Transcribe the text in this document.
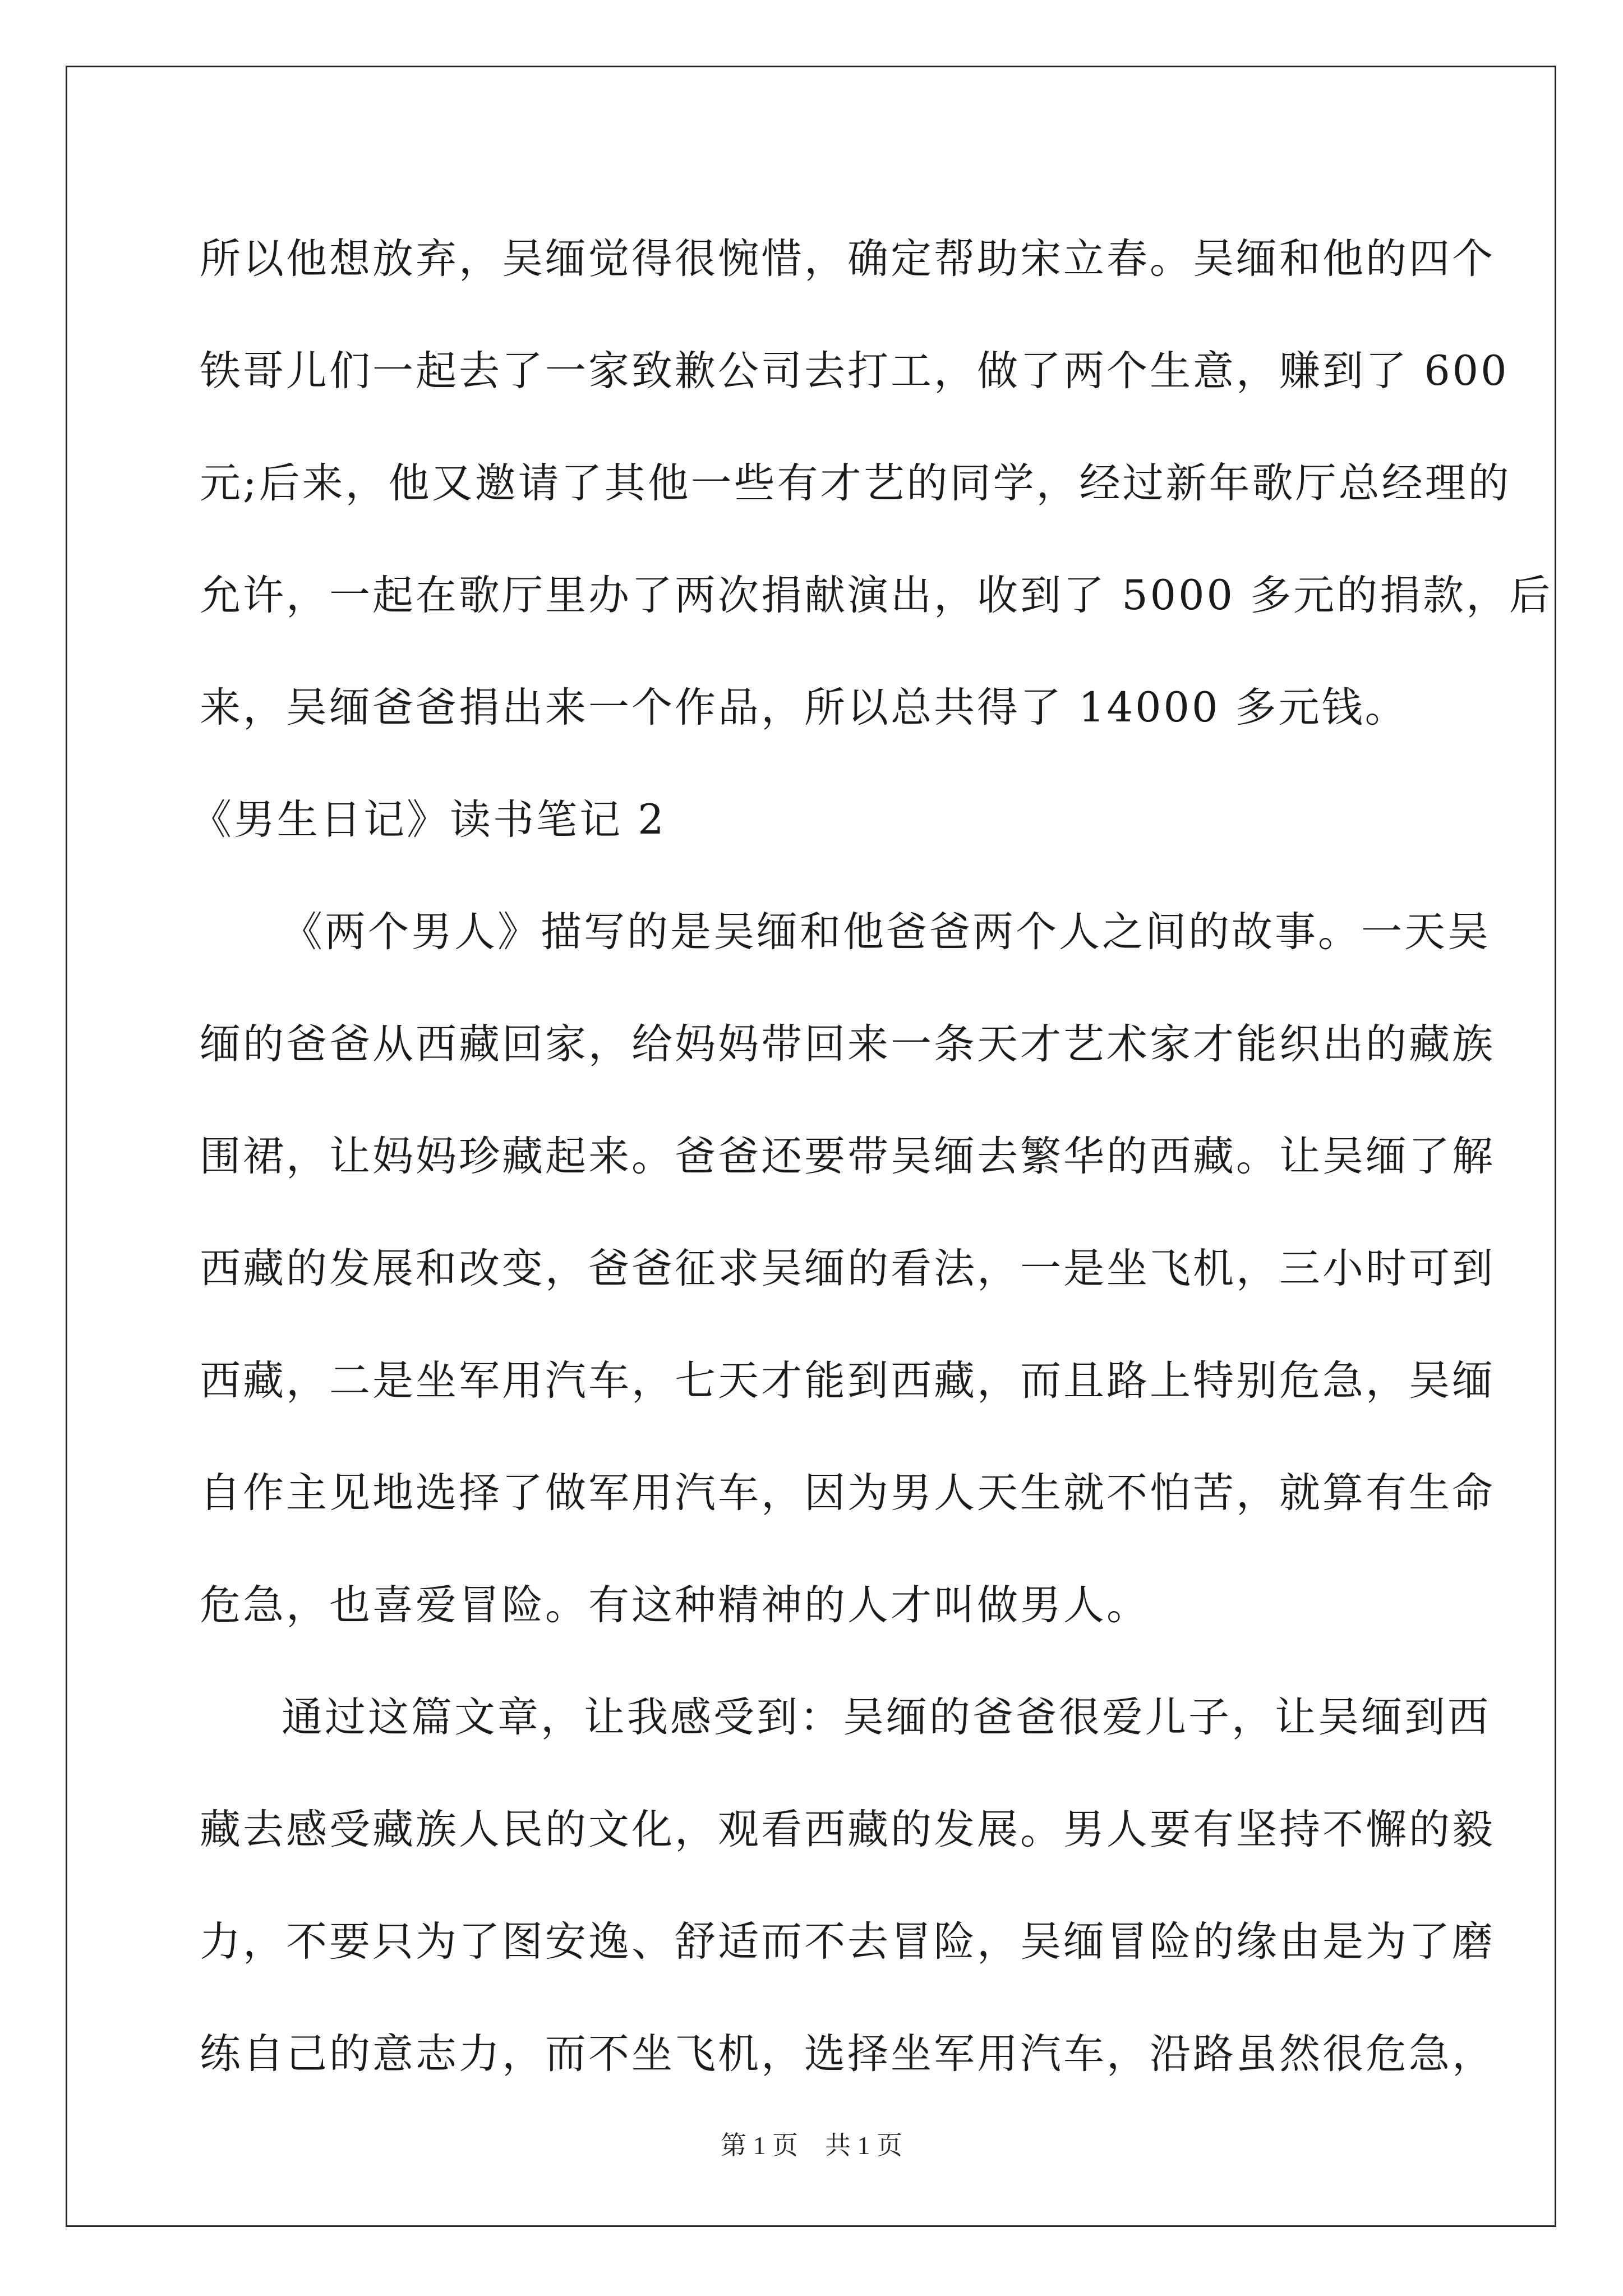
所以他想放弃，吴缅觉得很惋惜，确定帮助宋立春。吴缅和他的四个
铁哥儿们一起去了一家致歉公司去打工，做了两个生意，赚到了 600
元;后来，他又邀请了其他一些有才艺的同学，经过新年歌厅总经理的
允许，一起在歌厅里办了两次捐献演出，收到了 5000 多元的捐款，后
来，吴缅爸爸捐出来一个作品，所以总共得了 14000 多元钱。
《男生日记》读书笔记 2
《两个男人》描写的是吴缅和他爸爸两个人之间的故事。一天吴
缅的爸爸从西藏回家，给妈妈带回来一条天才艺术家才能织出的藏族
围裙，让妈妈珍藏起来。爸爸还要带吴缅去繁华的西藏。让吴缅了解
西藏的发展和改变，爸爸征求吴缅的看法，一是坐飞机，三小时可到
西藏，二是坐军用汽车，七天才能到西藏，而且路上特别危急，吴缅
自作主见地选择了做军用汽车，因为男人天生就不怕苦，就算有生命
危急，也喜爱冒险。有这种精神的人才叫做男人。
通过这篇文章，让我感受到：吴缅的爸爸很爱儿子，让吴缅到西
藏去感受藏族人民的文化，观看西藏的发展。男人要有坚持不懈的毅
力，不要只为了图安逸、舒适而不去冒险，吴缅冒险的缘由是为了磨
练自己的意志力，而不坐飞机，选择坐军用汽车，沿路虽然很危急，
第 1 页 共 1 页
